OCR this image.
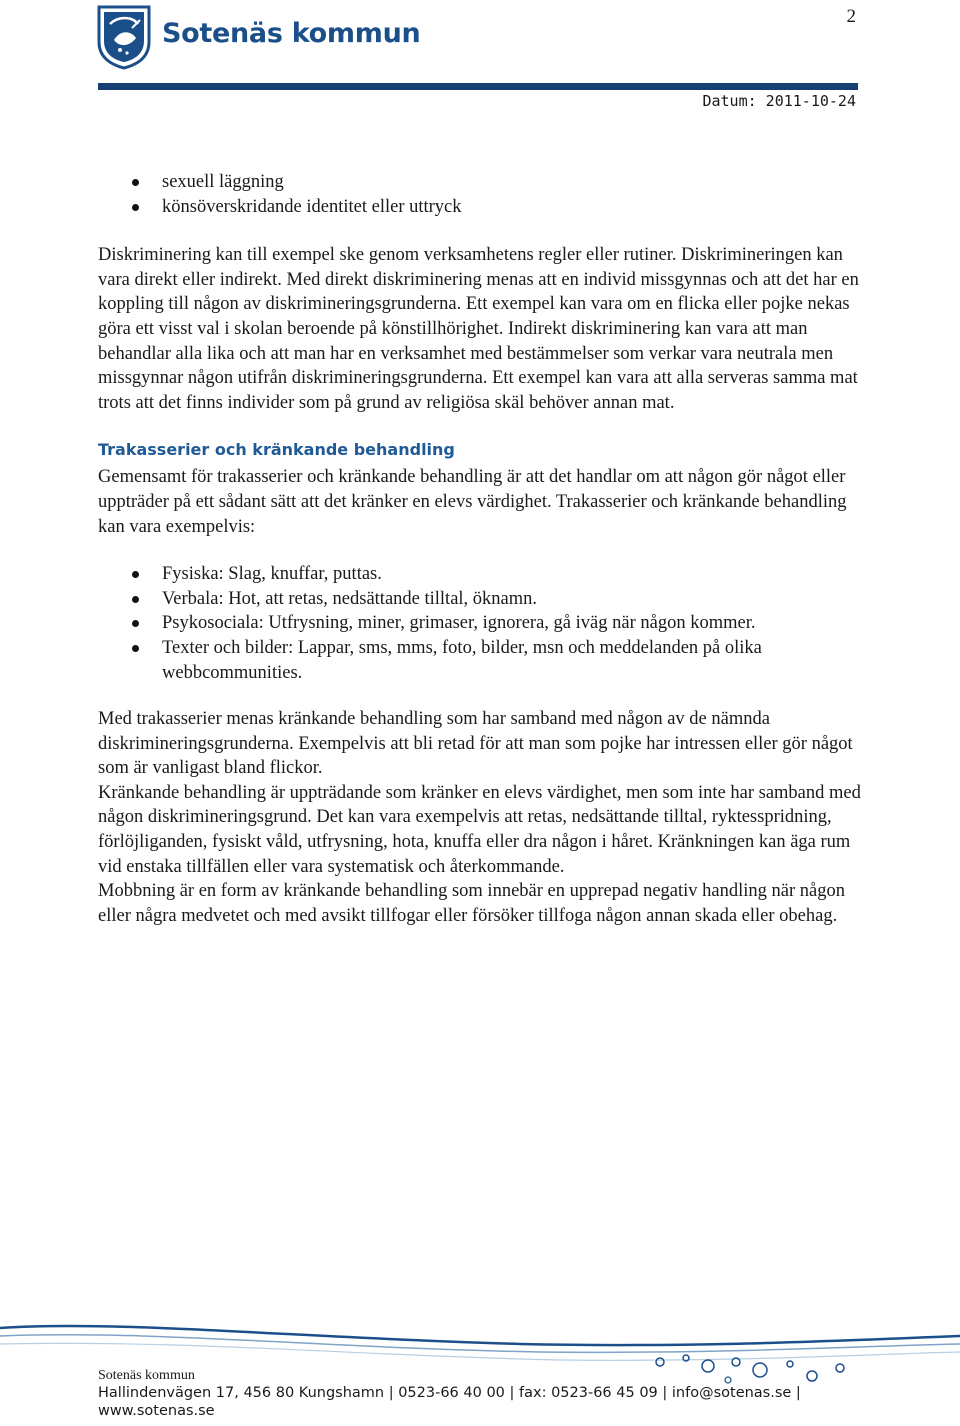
2
Sotenäs kommun
Datum: 2011-10-24
sexuell läggning
könsöverskridande identitet eller uttryck

Diskriminering kan till exempel ske genom verksamhetens regler eller rutiner. Diskrimineringen kan vara direkt eller indirekt. Med direkt diskriminering menas att en individ missgynnas och att det har en koppling till någon av diskrimineringsgrunderna. Ett exempel kan vara om en flicka eller pojke nekas göra ett visst val i skolan beroende på könstillhörighet. Indirekt diskriminering kan vara att man behandlar alla lika och att man har en verksamhet med bestämmelser som verkar vara neutrala men missgynnar någon utifrån diskrimineringsgrunderna. Ett exempel kan vara att alla serveras samma mat trots att det finns individer som på grund av religiösa skäl behöver annan mat.

Trakasserier och kränkande behandling

Gemensamt för trakasserier och kränkande behandling är att det handlar om att någon gör något eller uppträder på ett sådant sätt att det kränker en elevs värdighet. Trakasserier och kränkande behandling kan vara exempelvis:

Fysiska: Slag, knuffar, puttas.
Verbala: Hot, att retas, nedsättande tilltal, öknamn.
Psykosociala: Utfrysning, miner, grimaser, ignorera, gå iväg när någon kommer.
Texter och bilder: Lappar, sms, mms, foto, bilder, msn och meddelanden på olika webbcommunities.

Med trakasserier menas kränkande behandling som har samband med någon av de nämnda diskrimineringsgrunderna. Exempelvis att bli retad för att man som pojke har intressen eller gör något som är vanligast bland flickor.

Kränkande behandling är uppträdande som kränker en elevs värdighet, men som inte har samband med någon diskrimineringsgrund. Det kan vara exempelvis att retas, nedsättande tilltal, ryktesspridning, förlöjliganden, fysiskt våld, utfrysning, hota, knuffa eller dra någon i håret. Kränkningen kan äga rum vid enstaka tillfällen eller vara systematisk och återkommande.

Mobbning är en form av kränkande behandling som innebär en upprepad negativ handling när någon eller några medvetet och med avsikt tillfogar eller försöker tillfoga någon annan skada eller obehag.

Sotenäs kommun
Hallindenvägen 17, 456 80 Kungshamn | 0523-66 40 00 | fax: 0523-66 45 09 | info@sotenas.se |
www.sotenas.se
